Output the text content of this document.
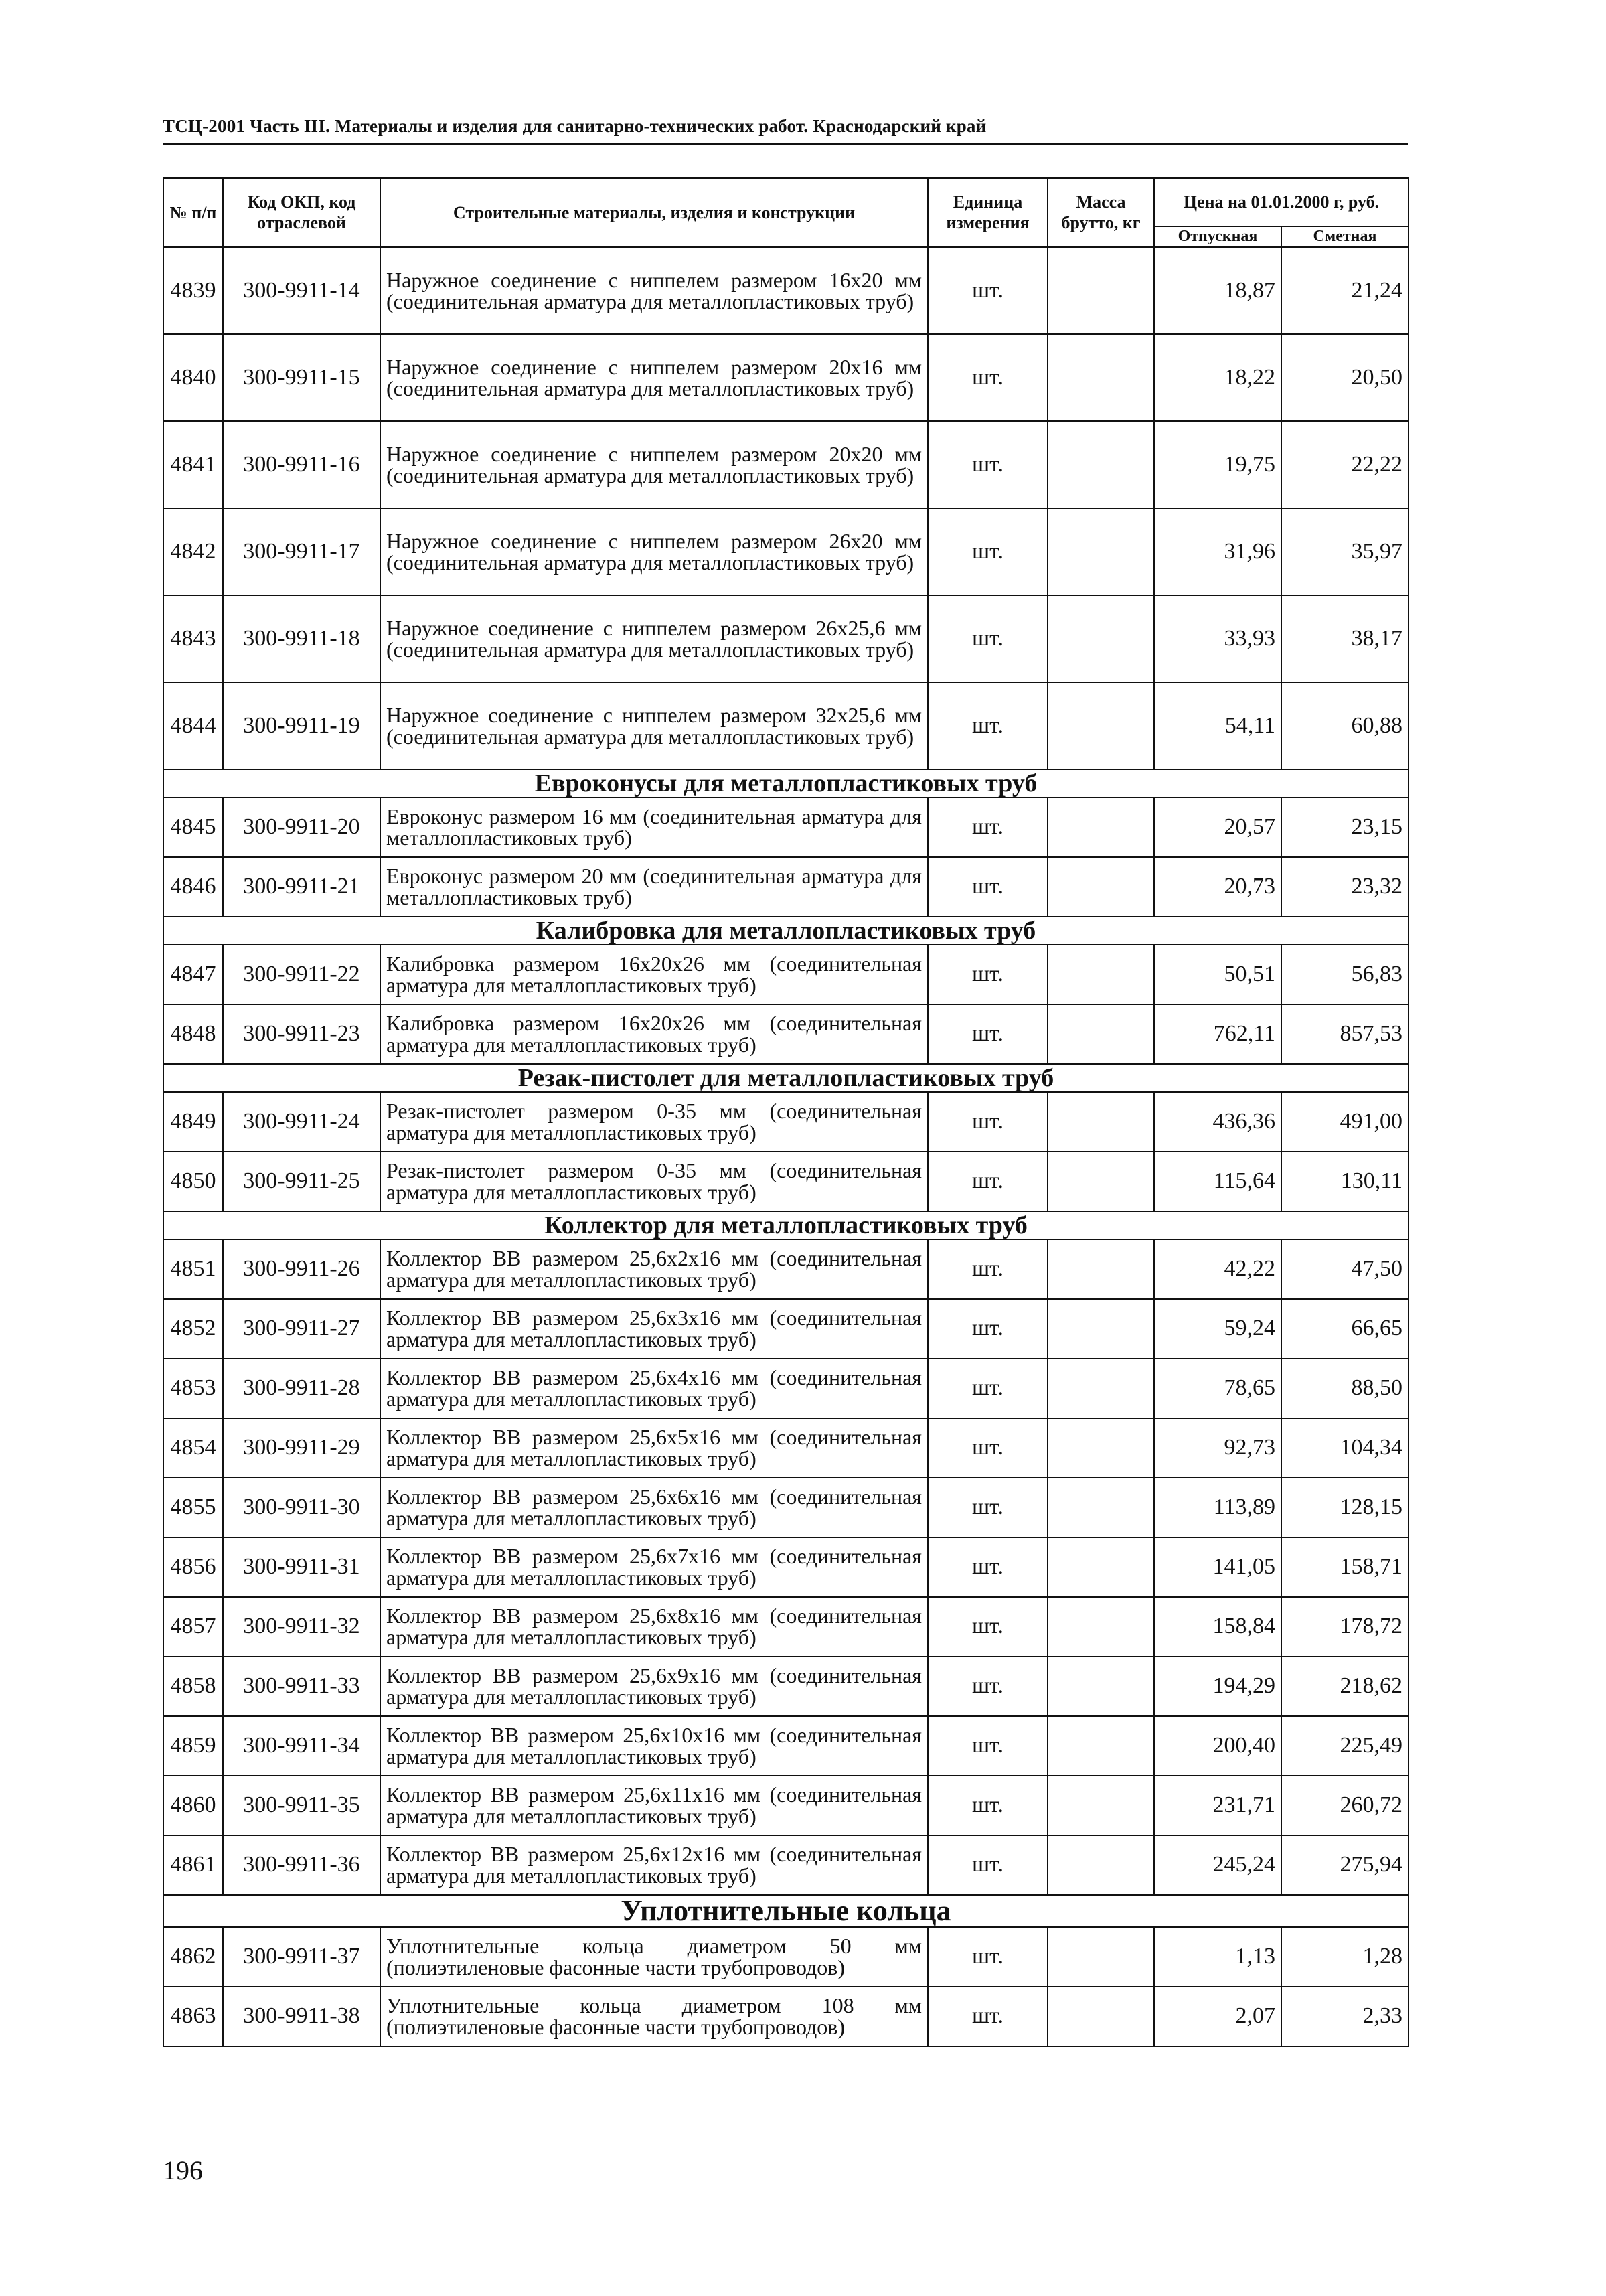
ТСЦ-2001 Часть III. Материалы и изделия для санитарно-технических работ. Краснодарский край
№ п/п	Код ОКП, код отраслевой	Строительные материалы, изделия и конструкции	Единица измерения	Масса брутто, кг	Цена на 01.01.2000 г, руб.	
					Отпускная	Сметная
4839	300-9911-14	Наружное соединение с ниппелем размером 16х20 мм (соединительная арматура для металлопластиковых труб)	шт.		18,87	21,24
4840	300-9911-15	Наружное соединение с ниппелем размером 20х16 мм (соединительная арматура для металлопластиковых труб)	шт.		18,22	20,50
4841	300-9911-16	Наружное соединение с ниппелем размером 20х20 мм (соединительная арматура для металлопластиковых труб)	шт.		19,75	22,22
4842	300-9911-17	Наружное соединение с ниппелем размером 26х20 мм (соединительная арматура для металлопластиковых труб)	шт.		31,96	35,97
4843	300-9911-18	Наружное соединение с ниппелем размером 26х25,6 мм (соединительная арматура для металлопластиковых труб)	шт.		33,93	38,17
4844	300-9911-19	Наружное соединение с ниппелем размером 32х25,6 мм (соединительная арматура для металлопластиковых труб)	шт.		54,11	60,88
Евроконусы для металлопластиковых труб						
4845	300-9911-20	Евроконус размером 16 мм (соединительная арматура для металлопластиковых труб)	шт.		20,57	23,15
4846	300-9911-21	Евроконус размером 20 мм (соединительная арматура для металлопластиковых труб)	шт.		20,73	23,32
Калибровка для металлопластиковых труб						
4847	300-9911-22	Калибровка размером 16х20х26 мм (соединительная арматура для металлопластиковых труб)	шт.		50,51	56,83
4848	300-9911-23	Калибровка размером 16х20х26 мм (соединительная арматура для металлопластиковых труб)	шт.		762,11	857,53
Резак-пистолет для металлопластиковых труб						
4849	300-9911-24	Резак-пистолет размером 0-35 мм (соединительная арматура для металлопластиковых труб)	шт.		436,36	491,00
4850	300-9911-25	Резак-пистолет размером 0-35 мм (соединительная арматура для металлопластиковых труб)	шт.		115,64	130,11
Коллектор для металлопластиковых труб						
4851	300-9911-26	Коллектор ВВ размером 25,6х2х16 мм (соединительная арматура для металлопластиковых труб)	шт.		42,22	47,50
4852	300-9911-27	Коллектор ВВ размером 25,6х3х16 мм (соединительная арматура для металлопластиковых труб)	шт.		59,24	66,65
4853	300-9911-28	Коллектор ВВ размером 25,6х4х16 мм (соединительная арматура для металлопластиковых труб)	шт.		78,65	88,50
4854	300-9911-29	Коллектор ВВ размером 25,6х5х16 мм (соединительная арматура для металлопластиковых труб)	шт.		92,73	104,34
4855	300-9911-30	Коллектор ВВ размером 25,6х6х16 мм (соединительная арматура для металлопластиковых труб)	шт.		113,89	128,15
4856	300-9911-31	Коллектор ВВ размером 25,6х7х16 мм (соединительная арматура для металлопластиковых труб)	шт.		141,05	158,71
4857	300-9911-32	Коллектор ВВ размером 25,6х8х16 мм (соединительная арматура для металлопластиковых труб)	шт.		158,84	178,72
4858	300-9911-33	Коллектор ВВ размером 25,6х9х16 мм (соединительная арматура для металлопластиковых труб)	шт.		194,29	218,62
4859	300-9911-34	Коллектор ВВ размером 25,6х10х16 мм (соединительная арматура для металлопластиковых труб)	шт.		200,40	225,49
4860	300-9911-35	Коллектор ВВ размером 25,6х11х16 мм (соединительная арматура для металлопластиковых труб)	шт.		231,71	260,72
4861	300-9911-36	Коллектор ВВ размером 25,6х12х16 мм (соединительная арматура для металлопластиковых труб)	шт.		245,24	275,94
Уплотнительные кольца						
4862	300-9911-37	Уплотнительные кольца диаметром 50 мм (полиэтиленовые фасонные части трубопроводов)	шт.		1,13	1,28
4863	300-9911-38	Уплотнительные кольца диаметром 108 мм (полиэтиленовые фасонные части трубопроводов)	шт.		2,07	2,33
196
